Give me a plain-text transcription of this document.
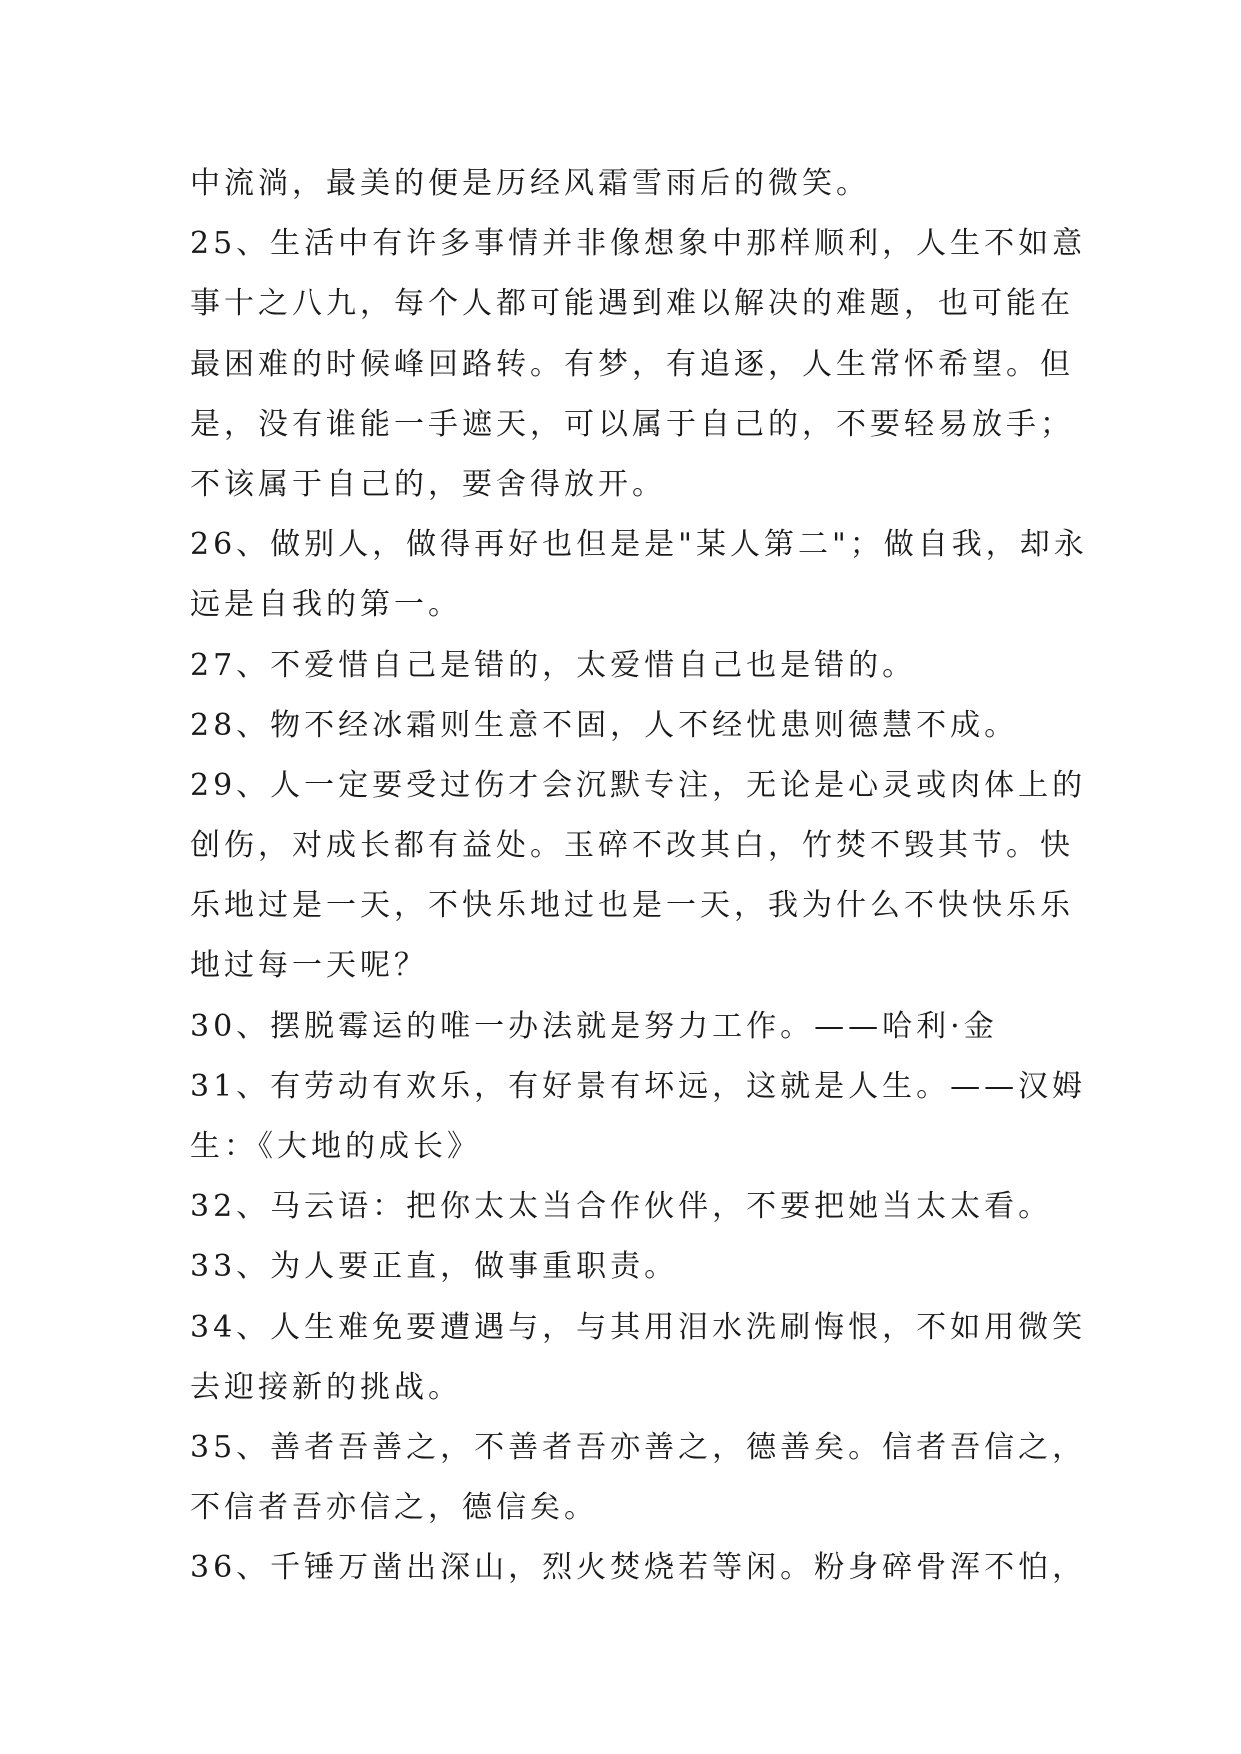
中流淌，最美的便是历经风霜雪雨后的微笑。
25、生活中有许多事情并非像想象中那样顺利，人生不如意
事十之八九，每个人都可能遇到难以解决的难题，也可能在
最困难的时候峰回路转。有梦，有追逐，人生常怀希望。但
是，没有谁能一手遮天，可以属于自己的，不要轻易放手；
不该属于自己的，要舍得放开。
26、做别人，做得再好也但是是"某人第二"；做自我，却永
远是自我的第一。
27、不爱惜自己是错的，太爱惜自己也是错的。
28、物不经冰霜则生意不固，人不经忧患则德慧不成。
29、人一定要受过伤才会沉默专注，无论是心灵或肉体上的
创伤，对成长都有益处。玉碎不改其白，竹焚不毁其节。快
乐地过是一天，不快乐地过也是一天，我为什么不快快乐乐
地过每一天呢？
30、摆脱霉运的唯一办法就是努力工作。——哈利·金
31、有劳动有欢乐，有好景有坏远，这就是人生。——汉姆
生：《大地的成长》
32、马云语：把你太太当合作伙伴，不要把她当太太看。
33、为人要正直，做事重职责。
34、人生难免要遭遇与，与其用泪水洗刷悔恨，不如用微笑
去迎接新的挑战。
35、善者吾善之，不善者吾亦善之，德善矣。信者吾信之，
不信者吾亦信之，德信矣。
36、千锤万凿出深山，烈火焚烧若等闲。粉身碎骨浑不怕，
